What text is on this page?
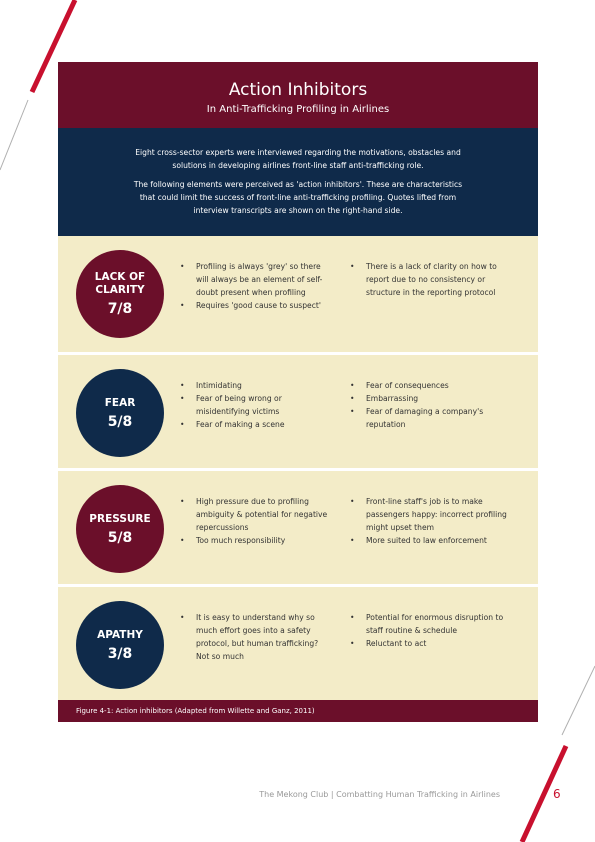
Action Inhibitors
In Anti-Trafficking Profiling in Airlines

Eight cross-sector experts were interviewed regarding the motivations, obstacles and solutions in developing airlines front-line staff anti-trafficking role.

The following elements were perceived as 'action inhibitors'. These are characteristics that could limit the success of front-line anti-trafficking profiling. Quotes lifted from interview transcripts are shown on the right-hand side.

LACK OF
CLARITY
7/8
• Profiling is always 'grey' so there will always be an element of self-doubt present when profiling
• Requires 'good cause to suspect'
• There is a lack of clarity on how to report due to no consistency or structure in the reporting protocol
FEAR
5/8
• Intimidating
• Fear of being wrong or misidentifying victims
• Fear of making a scene
• Fear of consequences
• Embarrassing
• Fear of damaging a company's reputation
PRESSURE
5/8
• High pressure due to profiling ambiguity & potential for negative repercussions
• Too much responsibility
• Front-line staff's job is to make passengers happy: incorrect profiling might upset them
• More suited to law enforcement
APATHY
3/8
• It is easy to understand why so much effort goes into a safety protocol, but human trafficking? Not so much
• Potential for enormous disruption to staff routine & schedule
• Reluctant to act
Figure 4-1: Action inhibitors (Adapted from Willette and Ganz, 2011)
The Mekong Club | Combatting Human Trafficking in Airlines	6
